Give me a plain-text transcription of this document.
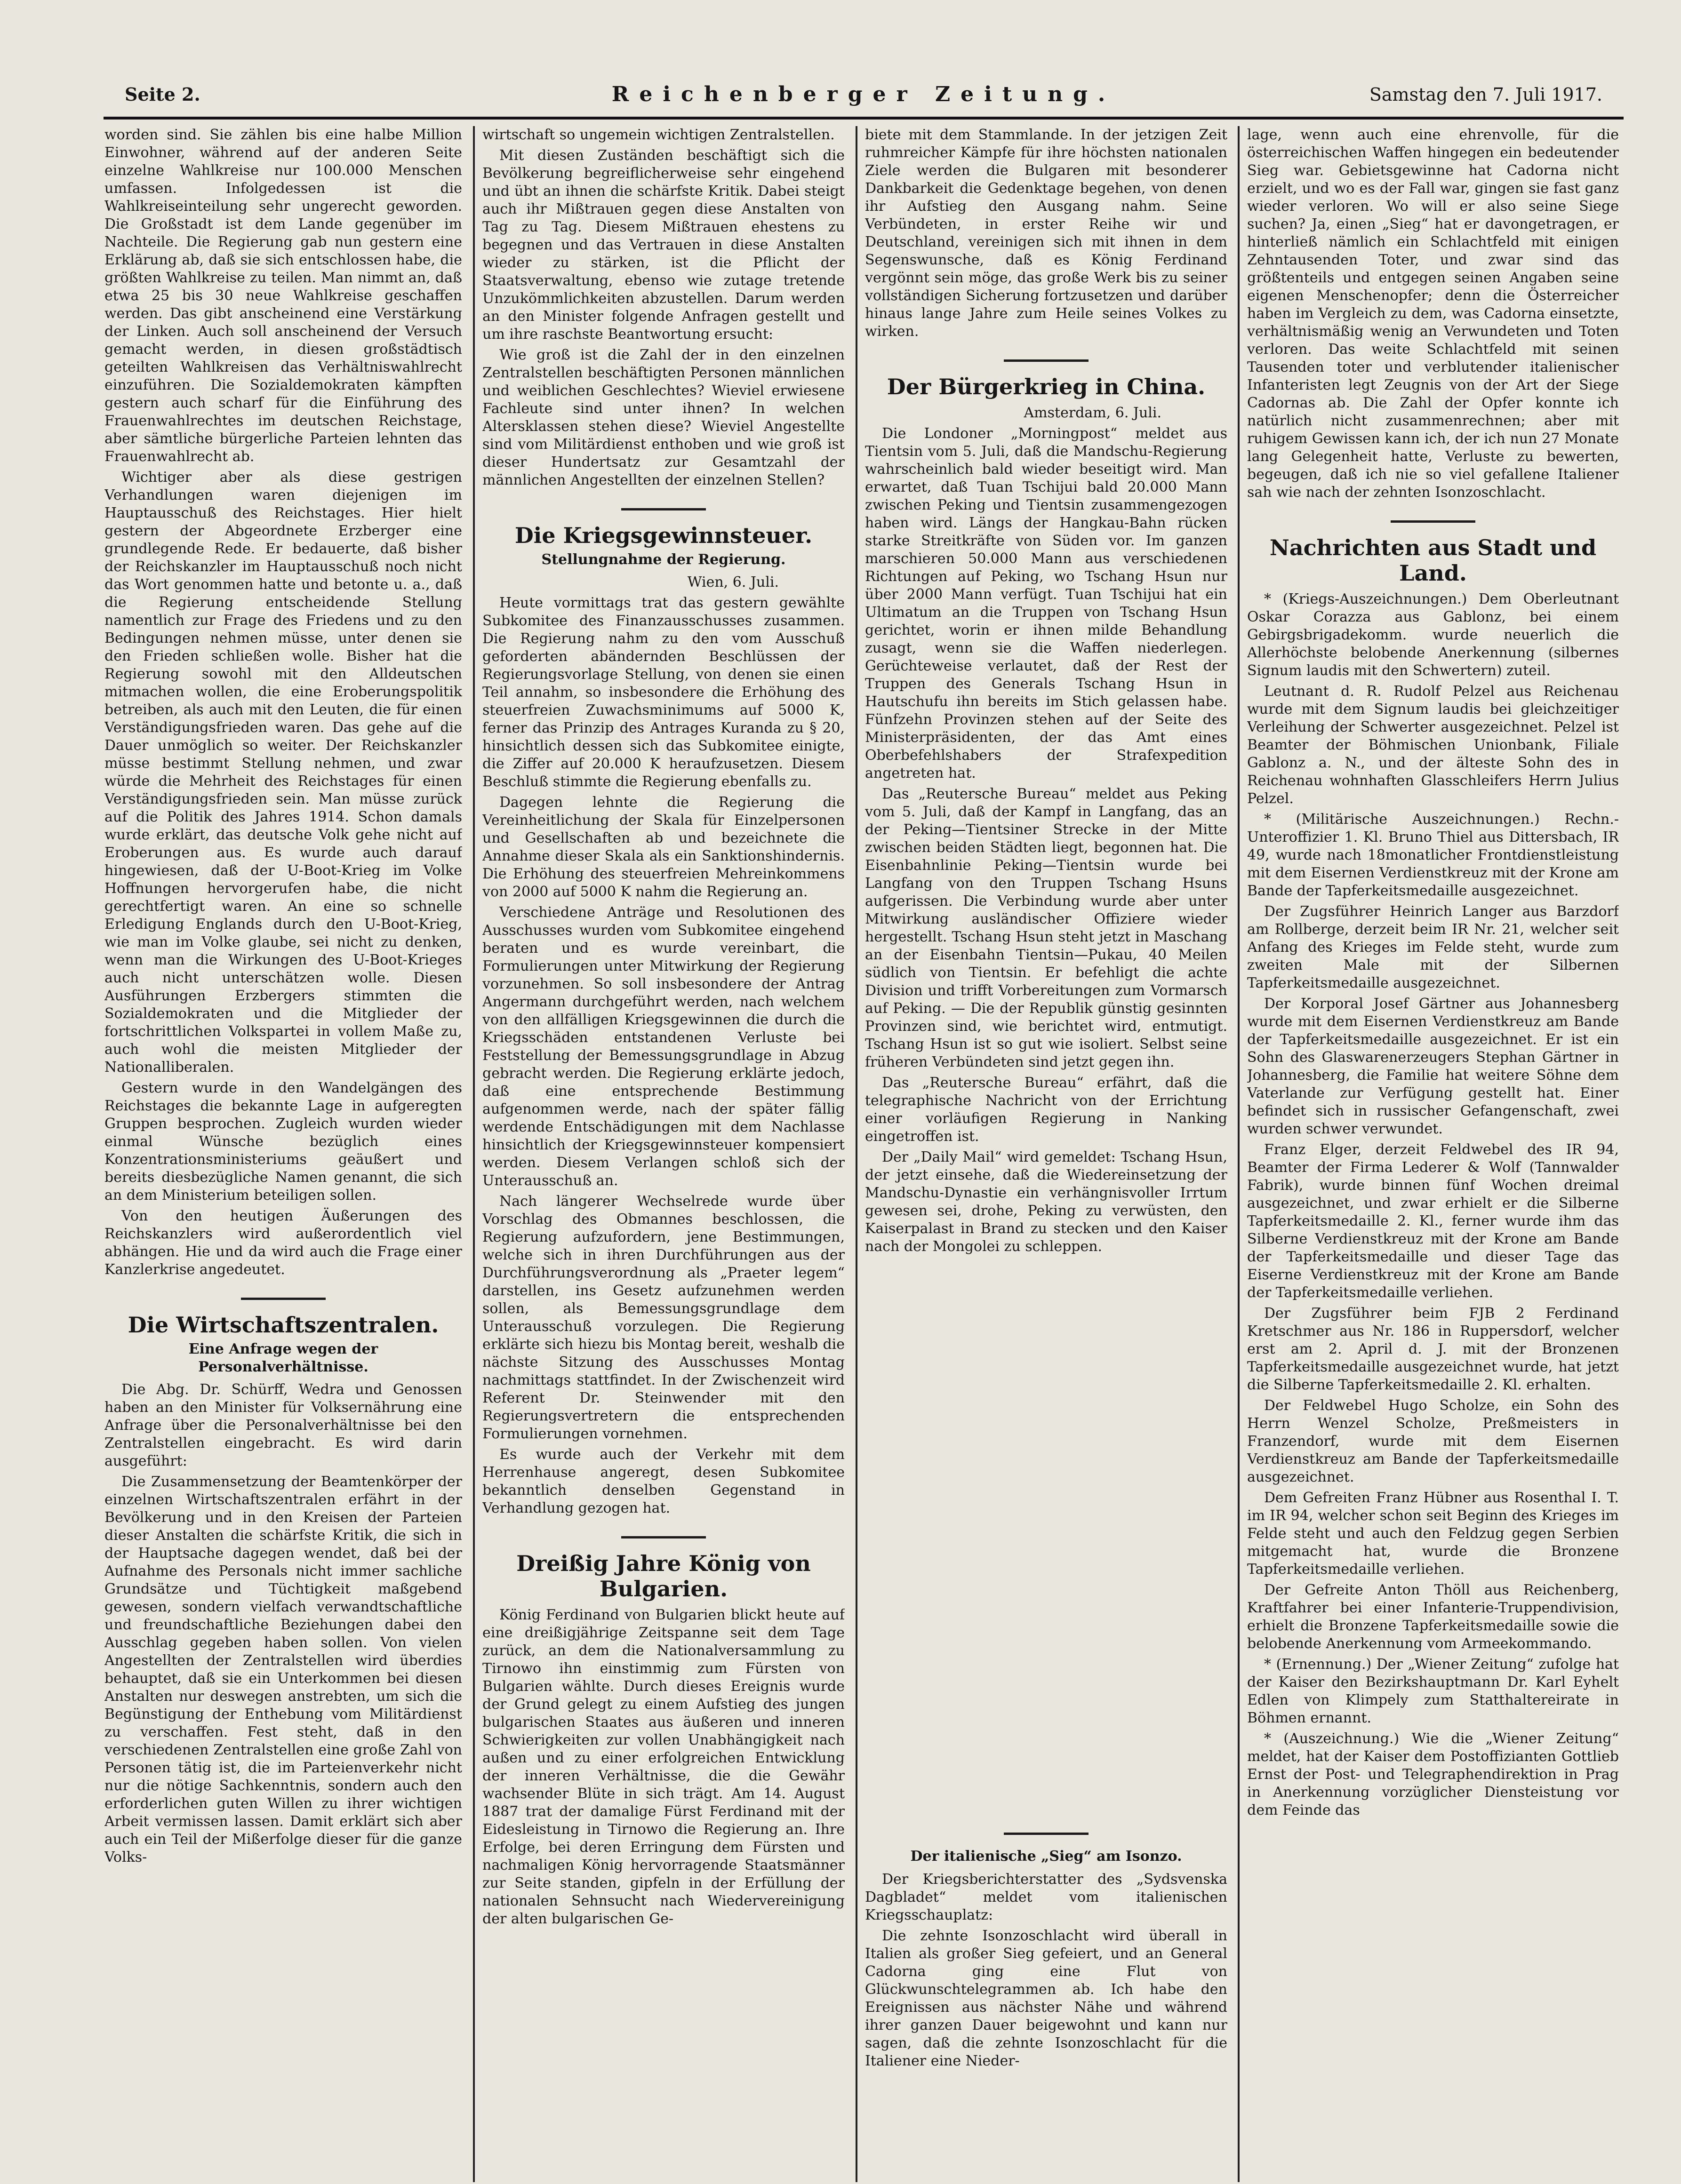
Seite 2.	Reichenberger Zeitung.	Samstag den 7. Juli 1917.

worden sind. Sie zählen bis eine halbe Million Einwohner, während auf der anderen Seite einzelne Wahlkreise nur 100.000 Menschen umfassen. Infolgedessen ist die Wahlkreiseinteilung sehr ungerecht geworden. Die Großstadt ist dem Lande gegenüber im Nachteile. Die Regierung gab nun gestern eine Erklärung ab, daß sie sich entschlossen habe, die größten Wahlkreise zu teilen. Man nimmt an, daß etwa 25 bis 30 neue Wahlkreise geschaffen werden. Das gibt anscheinend eine Verstärkung der Linken. Auch soll anscheinend der Versuch gemacht werden, in diesen großstädtisch geteilten Wahlkreisen das Verhältniswahlrecht einzuführen. Die Sozialdemokraten kämpften gestern auch scharf für die Einführung des Frauenwahlrechtes im deutschen Reichstage, aber sämtliche bürgerliche Parteien lehnten das Frauenwahlrecht ab.

Wichtiger aber als diese gestrigen Verhandlungen waren diejenigen im Hauptausschuß des Reichstages. Hier hielt gestern der Abgeordnete Erzberger eine grundlegende Rede. Er bedauerte, daß bisher der Reichskanzler im Hauptausschuß noch nicht das Wort genommen hatte und betonte u. a., daß die Regierung entscheidende Stellung namentlich zur Frage des Friedens und zu den Bedingungen nehmen müsse, unter denen sie den Frieden schließen wolle. Bisher hat die Regierung sowohl mit den Alldeutschen mitmachen wollen, die eine Eroberungspolitik betreiben, als auch mit den Leuten, die für einen Verständigungsfrieden waren. Das gehe auf die Dauer unmöglich so weiter. Der Reichskanzler müsse bestimmt Stellung nehmen, und zwar würde die Mehrheit des Reichstages für einen Verständigungsfrieden sein. Man müsse zurück auf die Politik des Jahres 1914. Schon damals wurde erklärt, das deutsche Volk gehe nicht auf Eroberungen aus. Es wurde auch darauf hingewiesen, daß der U-Boot-Krieg im Volke Hoffnungen hervorgerufen habe, die nicht gerechtfertigt waren. An eine so schnelle Erledigung Englands durch den U-Boot-Krieg, wie man im Volke glaube, sei nicht zu denken, wenn man die Wirkungen des U-Boot-Krieges auch nicht unterschätzen wolle. Diesen Ausführungen Erzbergers stimmten die Sozialdemokraten und die Mitglieder der fortschrittlichen Volkspartei in vollem Maße zu, auch wohl die meisten Mitglieder der Nationalliberalen.

Gestern wurde in den Wandelgängen des Reichstages die bekannte Lage in aufgeregten Gruppen besprochen. Zugleich wurden wieder einmal Wünsche bezüglich eines Konzentrationsministeriums geäußert und bereits diesbezügliche Namen genannt, die sich an dem Ministerium beteiligen sollen.

Von den heutigen Äußerungen des Reichskanzlers wird außerordentlich viel abhängen. Hie und da wird auch die Frage einer Kanzlerkrise angedeutet.

Die Wirtschaftszentralen.
Eine Anfrage wegen der Personalverhältnisse.

Die Abg. Dr. Schürff, Wedra und Genossen haben an den Minister für Volksernährung eine Anfrage über die Personalverhältnisse bei den Zentralstellen eingebracht. Es wird darin ausgeführt:

Die Zusammensetzung der Beamtenkörper der einzelnen Wirtschaftszentralen erfährt in der Bevölkerung und in den Kreisen der Parteien dieser Anstalten die schärfste Kritik, die sich in der Hauptsache dagegen wendet, daß bei der Aufnahme des Personals nicht immer sachliche Grundsätze und Tüchtigkeit maßgebend gewesen, sondern vielfach verwandtschaftliche und freundschaftliche Beziehungen dabei den Ausschlag gegeben haben sollen. Von vielen Angestellten der Zentralstellen wird überdies behauptet, daß sie ein Unterkommen bei diesen Anstalten nur deswegen anstrebten, um sich die Begünstigung der Enthebung vom Militärdienst zu verschaffen. Fest steht, daß in den verschiedenen Zentralstellen eine große Zahl von Personen tätig ist, die im Parteienverkehr nicht nur die nötige Sachkenntnis, sondern auch den erforderlichen guten Willen zu ihrer wichtigen Arbeit vermissen lassen. Damit erklärt sich aber auch ein Teil der Mißerfolge dieser für die ganze Volks-

wirtschaft so ungemein wichtigen Zentralstellen.

Mit diesen Zuständen beschäftigt sich die Bevölkerung begreiflicherweise sehr eingehend und übt an ihnen die schärfste Kritik. Dabei steigt auch ihr Mißtrauen gegen diese Anstalten von Tag zu Tag. Diesem Mißtrauen ehestens zu begegnen und das Vertrauen in diese Anstalten wieder zu stärken, ist die Pflicht der Staatsverwaltung, ebenso wie zutage tretende Unzukömmlichkeiten abzustellen. Darum werden an den Minister folgende Anfragen gestellt und um ihre raschste Beantwortung ersucht:

Wie groß ist die Zahl der in den einzelnen Zentralstellen beschäftigten Personen männlichen und weiblichen Geschlechtes? Wieviel erwiesene Fachleute sind unter ihnen? In welchen Altersklassen stehen diese? Wieviel Angestellte sind vom Militärdienst enthoben und wie groß ist dieser Hundertsatz zur Gesamtzahl der männlichen Angestellten der einzelnen Stellen?

Die Kriegsgewinnsteuer.
Stellungnahme der Regierung.

Wien, 6. Juli.

Heute vormittags trat das gestern gewählte Subkomitee des Finanzausschusses zusammen. Die Regierung nahm zu den vom Ausschuß geforderten abändernden Beschlüssen der Regierungsvorlage Stellung, von denen sie einen Teil annahm, so insbesondere die Erhöhung des steuerfreien Zuwachsminimums auf 5000 K, ferner das Prinzip des Antrages Kuranda zu § 20, hinsichtlich dessen sich das Subkomitee einigte, die Ziffer auf 20.000 K heraufzusetzen. Diesem Beschluß stimmte die Regierung ebenfalls zu.

Dagegen lehnte die Regierung die Vereinheitlichung der Skala für Einzelpersonen und Gesellschaften ab und bezeichnete die Annahme dieser Skala als ein Sanktionshindernis. Die Erhöhung des steuerfreien Mehreinkommens von 2000 auf 5000 K nahm die Regierung an.

Verschiedene Anträge und Resolutionen des Ausschusses wurden vom Subkomitee eingehend beraten und es wurde vereinbart, die Formulierungen unter Mitwirkung der Regierung vorzunehmen. So soll insbesondere der Antrag Angermann durchgeführt werden, nach welchem von den allfälligen Kriegsgewinnen die durch die Kriegsschäden entstandenen Verluste bei Feststellung der Bemessungsgrundlage in Abzug gebracht werden. Die Regierung erklärte jedoch, daß eine entsprechende Bestimmung aufgenommen werde, nach der später fällig werdende Entschädigungen mit dem Nachlasse hinsichtlich der Kriegsgewinnsteuer kompensiert werden. Diesem Verlangen schloß sich der Unterausschuß an.

Nach längerer Wechselrede wurde über Vorschlag des Obmannes beschlossen, die Regierung aufzufordern, jene Bestimmungen, welche sich in ihren Durchführungen aus der Durchführungsverordnung als „Praeter legem“ darstellen, ins Gesetz aufzunehmen werden sollen, als Bemessungsgrundlage dem Unterausschuß vorzulegen. Die Regierung erklärte sich hiezu bis Montag bereit, weshalb die nächste Sitzung des Ausschusses Montag nachmittags stattfindet. In der Zwischenzeit wird Referent Dr. Steinwender mit den Regierungsvertretern die entsprechenden Formulierungen vornehmen.

Es wurde auch der Verkehr mit dem Herrenhause angeregt, desen Subkomitee bekanntlich denselben Gegenstand in Verhandlung gezogen hat.

Dreißig Jahre König von Bulgarien.

König Ferdinand von Bulgarien blickt heute auf eine dreißigjährige Zeitspanne seit dem Tage zurück, an dem die Nationalversammlung zu Tirnowo ihn einstimmig zum Fürsten von Bulgarien wählte. Durch dieses Ereignis wurde der Grund gelegt zu einem Aufstieg des jungen bulgarischen Staates aus äußeren und inneren Schwierigkeiten zur vollen Unabhängigkeit nach außen und zu einer erfolgreichen Entwicklung der inneren Verhältnisse, die die Gewähr wachsender Blüte in sich trägt. Am 14. August 1887 trat der damalige Fürst Ferdinand mit der Eidesleistung in Tirnowo die Regierung an. Ihre Erfolge, bei deren Erringung dem Fürsten und nachmaligen König hervorragende Staatsmänner zur Seite standen, gipfeln in der Erfüllung der nationalen Sehnsucht nach Wiedervereinigung der alten bulgarischen Ge-

biete mit dem Stammlande. In der jetzigen Zeit ruhmreicher Kämpfe für ihre höchsten nationalen Ziele werden die Bulgaren mit besonderer Dankbarkeit die Gedenktage begehen, von denen ihr Aufstieg den Ausgang nahm. Seine Verbündeten, in erster Reihe wir und Deutschland, vereinigen sich mit ihnen in dem Segenswunsche, daß es König Ferdinand vergönnt sein möge, das große Werk bis zu seiner vollständigen Sicherung fortzusetzen und darüber hinaus lange Jahre zum Heile seines Volkes zu wirken.

Der Bürgerkrieg in China.

Amsterdam, 6. Juli.

Die Londoner „Morningpost“ meldet aus Tientsin vom 5. Juli, daß die Mandschu-Regierung wahrscheinlich bald wieder beseitigt wird. Man erwartet, daß Tuan Tschijui bald 20.000 Mann zwischen Peking und Tientsin zusammengezogen haben wird. Längs der Hangkau-Bahn rücken starke Streitkräfte von Süden vor. Im ganzen marschieren 50.000 Mann aus verschiedenen Richtungen auf Peking, wo Tschang Hsun nur über 2000 Mann verfügt. Tuan Tschijui hat ein Ultimatum an die Truppen von Tschang Hsun gerichtet, worin er ihnen milde Behandlung zusagt, wenn sie die Waffen niederlegen. Gerüchteweise verlautet, daß der Rest der Truppen des Generals Tschang Hsun in Hautschufu ihn bereits im Stich gelassen habe. Fünfzehn Provinzen stehen auf der Seite des Ministerpräsidenten, der das Amt eines Oberbefehlshabers der Strafexpedition angetreten hat.

Das „Reutersche Bureau“ meldet aus Peking vom 5. Juli, daß der Kampf in Langfang, das an der Peking—Tientsiner Strecke in der Mitte zwischen beiden Städten liegt, begonnen hat. Die Eisenbahnlinie Peking—Tientsin wurde bei Langfang von den Truppen Tschang Hsuns aufgerissen. Die Verbindung wurde aber unter Mitwirkung ausländischer Offiziere wieder hergestellt. Tschang Hsun steht jetzt in Maschang an der Eisenbahn Tientsin—Pukau, 40 Meilen südlich von Tientsin. Er befehligt die achte Division und trifft Vorbereitungen zum Vormarsch auf Peking. — Die der Republik günstig gesinnten Provinzen sind, wie berichtet wird, entmutigt. Tschang Hsun ist so gut wie isoliert. Selbst seine früheren Verbündeten sind jetzt gegen ihn.

Das „Reutersche Bureau“ erfährt, daß die telegraphische Nachricht von der Errichtung einer vorläufigen Regierung in Nanking eingetroffen ist.

Der „Daily Mail“ wird gemeldet: Tschang Hsun, der jetzt einsehe, daß die Wiedereinsetzung der Mandschu-Dynastie ein verhängnisvoller Irrtum gewesen sei, drohe, Peking zu verwüsten, den Kaiserpalast in Brand zu stecken und den Kaiser nach der Mongolei zu schleppen.

Der italienische „Sieg“ am Isonzo.

Der Kriegsberichterstatter des „Sydsvenska Dagbladet“ meldet vom italienischen Kriegsschauplatz:

Die zehnte Isonzoschlacht wird überall in Italien als großer Sieg gefeiert, und an General Cadorna ging eine Flut von Glückwunschtelegrammen ab. Ich habe den Ereignissen aus nächster Nähe und während ihrer ganzen Dauer beigewohnt und kann nur sagen, daß die zehnte Isonzoschlacht für die Italiener eine Nieder-

lage, wenn auch eine ehrenvolle, für die österreichischen Waffen hingegen ein bedeutender Sieg war. Gebietsgewinne hat Cadorna nicht erzielt, und wo es der Fall war, gingen sie fast ganz wieder verloren. Wo will er also seine Siege suchen? Ja, einen „Sieg“ hat er davongetragen, er hinterließ nämlich ein Schlachtfeld mit einigen Zehntausenden Toter, und zwar sind das größtenteils und entgegen seinen Angaben seine eigenen Menschenopfer; denn die Österreicher haben im Vergleich zu dem, was Cadorna einsetzte, verhältnismäßig wenig an Verwundeten und Toten verloren. Das weite Schlachtfeld mit seinen Tausenden toter und verblutender italienischer Infanteristen legt Zeugnis von der Art der Siege Cadornas ab. Die Zahl der Opfer konnte ich natürlich nicht zusammenrechnen; aber mit ruhigem Gewissen kann ich, der ich nun 27 Monate lang Gelegenheit hatte, Verluste zu bewerten, begeugen, daß ich nie so viel gefallene Italiener sah wie nach der zehnten Isonzoschlacht.

Nachrichten aus Stadt und Land.

* (Kriegs-Auszeichnungen.) Dem Oberleutnant Oskar Corazza aus Gablonz, bei einem Gebirgsbrigadekomm. wurde neuerlich die Allerhöchste belobende Anerkennung (silbernes Signum laudis mit den Schwertern) zuteil.

Leutnant d. R. Rudolf Pelzel aus Reichenau wurde mit dem Signum laudis bei gleichzeitiger Verleihung der Schwerter ausgezeichnet. Pelzel ist Beamter der Böhmischen Unionbank, Filiale Gablonz a. N., und der älteste Sohn des in Reichenau wohnhaften Glasschleifers Herrn Julius Pelzel.

* (Militärische Auszeichnungen.) Rechn.-Unteroffizier 1. Kl. Bruno Thiel aus Dittersbach, IR 49, wurde nach 18monatlicher Frontdienstleistung mit dem Eisernen Verdienstkreuz mit der Krone am Bande der Tapferkeitsmedaille ausgezeichnet.

Der Zugsführer Heinrich Langer aus Barzdorf am Rollberge, derzeit beim IR Nr. 21, welcher seit Anfang des Krieges im Felde steht, wurde zum zweiten Male mit der Silbernen Tapferkeitsmedaille ausgezeichnet.

Der Korporal Josef Gärtner aus Johannesberg wurde mit dem Eisernen Verdienstkreuz am Bande der Tapferkeitsmedaille ausgezeichnet. Er ist ein Sohn des Glaswarenerzeugers Stephan Gärtner in Johannesberg, die Familie hat weitere Söhne dem Vaterlande zur Verfügung gestellt hat. Einer befindet sich in russischer Gefangenschaft, zwei wurden schwer verwundet.

Franz Elger, derzeit Feldwebel des IR 94, Beamter der Firma Lederer & Wolf (Tannwalder Fabrik), wurde binnen fünf Wochen dreimal ausgezeichnet, und zwar erhielt er die Silberne Tapferkeitsmedaille 2. Kl., ferner wurde ihm das Silberne Verdienstkreuz mit der Krone am Bande der Tapferkeitsmedaille und dieser Tage das Eiserne Verdienstkreuz mit der Krone am Bande der Tapferkeitsmedaille verliehen.

Der Zugsführer beim FJB 2 Ferdinand Kretschmer aus Nr. 186 in Ruppersdorf, welcher erst am 2. April d. J. mit der Bronzenen Tapferkeitsmedaille ausgezeichnet wurde, hat jetzt die Silberne Tapferkeitsmedaille 2. Kl. erhalten.

Der Feldwebel Hugo Scholze, ein Sohn des Herrn Wenzel Scholze, Preßmeisters in Franzendorf, wurde mit dem Eisernen Verdienstkreuz am Bande der Tapferkeitsmedaille ausgezeichnet.

Dem Gefreiten Franz Hübner aus Rosenthal I. T. im IR 94, welcher schon seit Beginn des Krieges im Felde steht und auch den Feldzug gegen Serbien mitgemacht hat, wurde die Bronzene Tapferkeitsmedaille verliehen.

Der Gefreite Anton Thöll aus Reichenberg, Kraftfahrer bei einer Infanterie-Truppendivision, erhielt die Bronzene Tapferkeitsmedaille sowie die belobende Anerkennung vom Armeekommando.

* (Ernennung.) Der „Wiener Zeitung“ zufolge hat der Kaiser den Bezirkshauptmann Dr. Karl Eyhelt Edlen von Klimpely zum Statthaltereirate in Böhmen ernannt.

* (Auszeichnung.) Wie die „Wiener Zeitung“ meldet, hat der Kaiser dem Postoffizianten Gottlieb Ernst der Post- und Telegraphendirektion in Prag in Anerkennung vorzüglicher Diensteistung vor dem Feinde das
